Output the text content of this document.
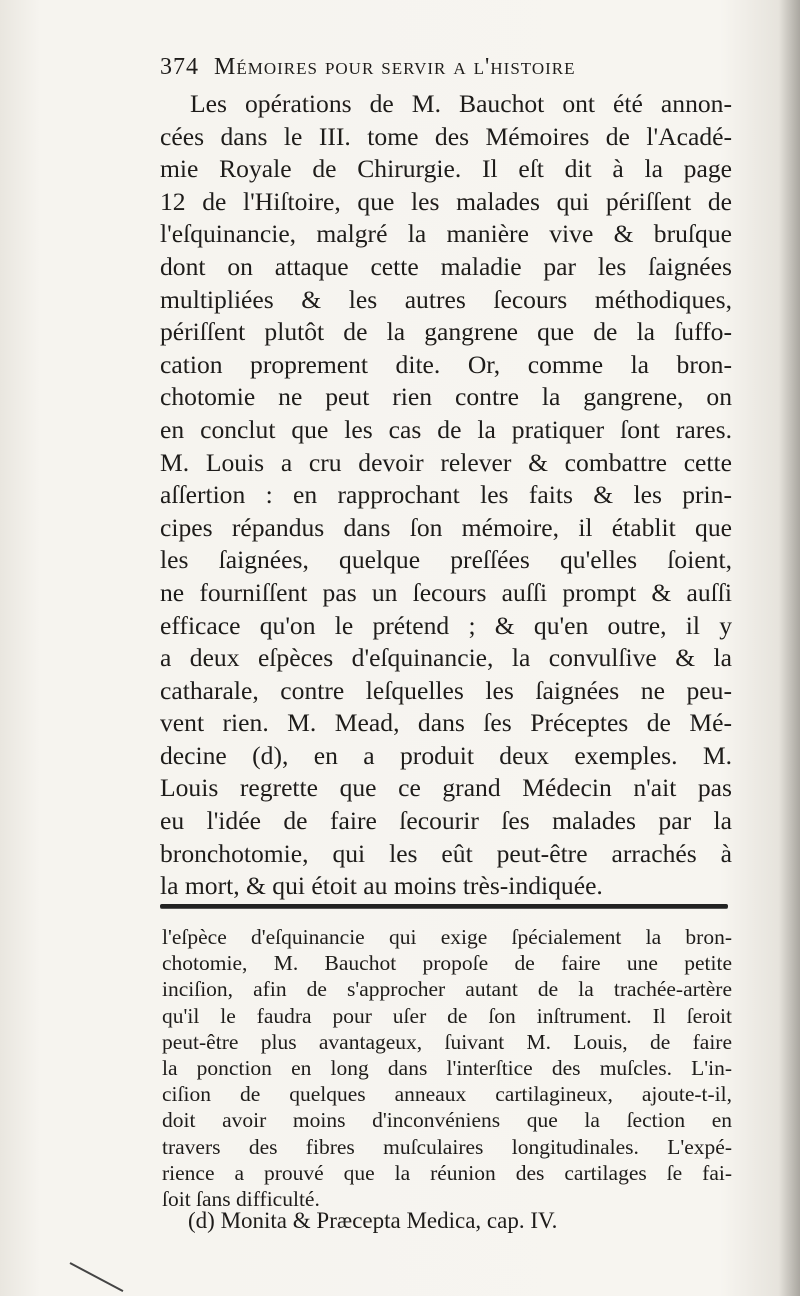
374 Mémoires pour servir a l'histoire
Les opérations de M. Bauchot ont été annon-
cées dans le III. tome des Mémoires de l'Acadé-
mie Royale de Chirurgie. Il eſt dit à la page
12 de l'Hiſtoire, que les malades qui périſſent de
l'eſquinancie, malgré la manière vive & bruſque
dont on attaque cette maladie par les ſaignées
multipliées & les autres ſecours méthodiques,
périſſent plutôt de la gangrene que de la ſuffo-
cation proprement dite. Or, comme la bron-
chotomie ne peut rien contre la gangrene, on
en conclut que les cas de la pratiquer ſont rares.
M. Louis a cru devoir relever & combattre cette
aſſertion : en rapprochant les faits & les prin-
cipes répandus dans ſon mémoire, il établit que
les ſaignées, quelque preſſées qu'elles ſoient,
ne fourniſſent pas un ſecours auſſi prompt & auſſi
efficace qu'on le prétend ; & qu'en outre, il y
a deux eſpèces d'eſquinancie, la convulſive & la
catharale, contre leſquelles les ſaignées ne peu-
vent rien. M. Mead, dans ſes Préceptes de Mé-
decine (d), en a produit deux exemples. M.
Louis regrette que ce grand Médecin n'ait pas
eu l'idée de faire ſecourir ſes malades par la
bronchotomie, qui les eût peut-être arrachés à
la mort, & qui étoit au moins très-indiquée.
l'eſpèce d'eſquinancie qui exige ſpécialement la bron-
chotomie, M. Bauchot propoſe de faire une petite
inciſion, afin de s'approcher autant de la trachée-artère
qu'il le faudra pour uſer de ſon inſtrument. Il ſeroit
peut-être plus avantageux, ſuivant M. Louis, de faire
la ponction en long dans l'interſtice des muſcles. L'in-
ciſion de quelques anneaux cartilagineux, ajoute-t-il,
doit avoir moins d'inconvéniens que la ſection en
travers des fibres muſculaires longitudinales. L'expé-
rience a prouvé que la réunion des cartilages ſe fai-
ſoit ſans difficulté.
(d) Monita & Præcepta Medica, cap. IV.
